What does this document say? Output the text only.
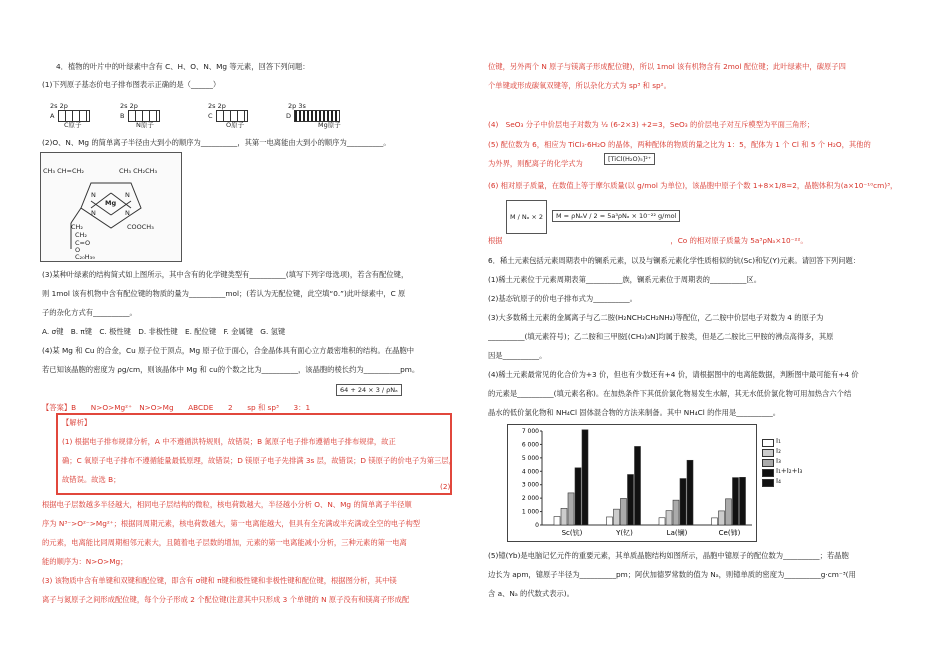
4．植物的叶片中的叶绿素中含有 C、H、O、N、Mg 等元素，回答下列问题：
(1)下列原子基态价电子排布图表示正确的是（______）
2s 2p
A
C原子
2s 2p
B
N原子
2s 2p
C
O原子
2p 3s
D
Mg原子
(2)O、N、Mg 的简单离子半径由大到小的顺序为__________，其第一电离能由大到小的顺序为__________。
CH₃ CH=CH₂	CH₃ CH₂CH₃
Mg
N	N
N	N
CH₂	COOCH₃
CH₂
C=O
O
C₂₀H₃₉
(3)某种叶绿素的结构简式如上图所示，其中含有的化学键类型有__________(填写下列字母选项)，若含有配位键，
则 1mol 该有机物中含有配位键的物质的量为__________mol；(若认为无配位键，此空填“0.”)此叶绿素中，C 原
子的杂化方式有__________。
A. σ键　B. π键　C. 极性键　D. 非极性键　E. 配位键　F. 金属键　G. 氢键
(4)某 Mg 和 Cu 的合金，Cu 原子位于顶点，Mg 原子位于面心，合金晶体具有面心立方最密堆积的结构。在晶胞中
若已知该晶胞的密度为 ρg/cm，则该晶体中 Mg 和 cu的个数之比为__________，该晶胞的棱长约为__________pm。
【答案】B　　N>O>Mg²⁺　N>O>Mg　　ABCDE　　2　　sp 和 sp³　　3：1
64 + 24 × 3 / ρNₐ
【解析】
(1) 根据电子排布规律分析，A 中不遵循洪特规则，故错误；B 氮原子电子排布遵循电子排布规律，故正
确；C 氧原子电子排布不遵循能量最低原理，故错误；D 镁原子电子先排满 3s 层，故错误；D 镁原子的价电子为第三层，
故错误。故选 B；
(2)
根据电子层数越多半径越大，相同电子层结构的微粒，核电荷数越大，半径越小分析 O、N、Mg 的简单离子半径顺
序为 N³⁻>O²⁻>Mg²⁺；根据同周期元素，核电荷数越大，第一电离能越大，但具有全充满或半充满或全空的电子构型
的元素，电离能比同周期相邻元素大，且随着电子层数的增加，元素的第一电离能减小分析，三种元素的第一电离
能的顺序为：N>O>Mg；
(3) 该物质中含有单键和双键和配位键，即含有 σ键和 π键和极性键和非极性键和配位键，根据图分析，其中镁
离子与氮原子之间形成配位键，每个分子形成 2 个配位键(注意其中只形成 3 个单键的 N 原子没有和镁离子形成配
位键，另外两个 N 原子与镁离子形成配位键)，所以 1mol 该有机物含有 2mol 配位键；此叶绿素中，碳原子四
个单键或形成碳氧双键等，所以杂化方式为 sp³ 和 sp²。
(4)　SeO₃ 分子中价层电子对数为 ½ (6-2×3) +2=3，SeO₃ 的价层电子对互斥模型为平面三角形；
(5) 配位数为 6，相应为 TiCl₃·6H₂O 的晶体，两种配体的物质的量之比为 1：5，配体为 1 个 Cl 和 5 个 H₂O，其他的
为外界，则配离子的化学式为	[TiCl(H₂O)₅]²⁺
(6) 相对原子质量，在数值上等于摩尔质量(以 g/mol 为单位)，该晶胞中原子个数 1+8×1/8=2，晶胞体积为(a×10⁻¹⁰cm)³，
M / Nₐ × 2	M = ρNₐV / 2 = 5a³ρNₐ × 10⁻²² g/mol
根据　　　　　　　　　　　　　　　　　　　　　　　，Co 的相对原子质量为 5a³ρNₐ×10⁻²²。
6．稀土元素包括元素周期表中的镧系元素，以及与镧系元素化学性质相似的钪(Sc)和钇(Y)元素。请回答下列问题：
(1)稀土元素位于元素周期表第__________族，镧系元素位于周期表的__________区。
(2)基态钪原子的价电子排布式为__________。
(3)大多数稀土元素的金属离子与乙二胺(H₂NCH₂CH₂NH₂)等配位，乙二胺中价层电子对数为 4 的原子为
__________(填元素符号)；乙二胺和三甲胺[(CH₃)₃N]均属于胺类，但是乙二胺比三甲胺的沸点高得多，其原
因是__________。
(4)稀土元素最常见的化合价为+3 价，但也有少数还有+4 价，请根据图中的电离能数据，判断图中最可能有+4 价
的元素是__________(填元素名称)。在加热条件下其低价氯化物易发生水解，其无水低价氯化物可用加热含六个结
晶水的低价氯化物和 NH₄Cl 固体混合物的方法来制备。其中 NH₄Cl 的作用是__________。
0
1 000
2 000
3 000
4 000
5 000
6 000
7 000
Sc(钪)	Y(钇)	La(镧)	Ce(铈)
I₁
I₂
I₃
I₁+I₂+I₃
I₄
(5)镱(Yb)是电脑记忆元件的重要元素，其单质晶胞结构如图所示，晶胞中镱原子的配位数为__________；若晶胞
边长为 apm，镱原子半径为__________pm；阿伏加德罗常数的值为 Nₐ，则镱单质的密度为__________g·cm⁻³(用
含 a、Nₐ 的代数式表示)。
